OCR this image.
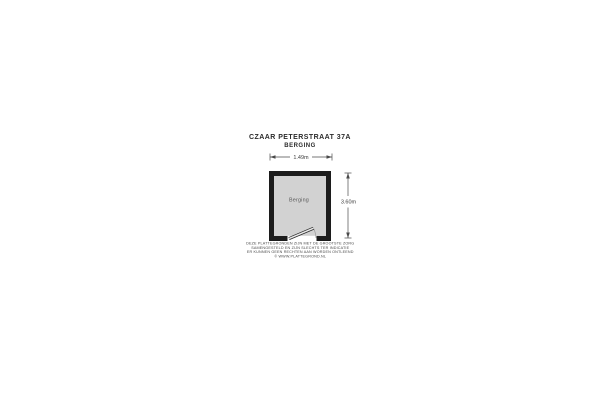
CZAAR PETERSTRAAT 37A
BERGING
1.49m
Berging	3.60m
DEZE PLATTEGRONDEN ZIJN MET DE GROOTSTE ZORG
SAMENGESTELD EN ZIJN SLECHTS TER INDICATIE
ER KUNNEN GEEN RECHTEN AAN WORDEN ONTLEEND
© WWW.PLATTEGROND.NL
